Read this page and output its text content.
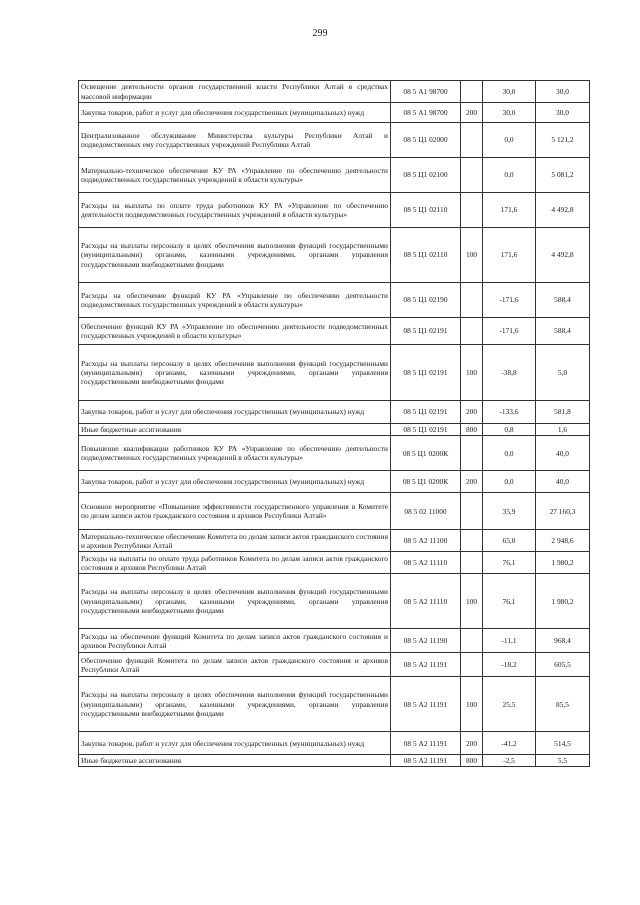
299
Освещение деятельности органов государственной власти Республики Алтай в средствах массовой информации	08 5 А1 98700		30,0	30,0
Закупка товаров, работ и услуг для обеспечения государственных (муниципальных) нужд	08 5 А1 98700	200	30,0	30,0
Централизованное обслуживание Министерства культуры Республики Алтай и подведомственных ему государственных учреждений Республики Алтай	08 5 Ц1 02000		0,0	5 121,2
Материально-техническое обеспечение КУ РА «Управление по обеспечению деятельности подведомственных государственных учреждений в области культуры»	08 5 Ц1 02100		0,0	5 081,2
Расходы на выплаты по оплате труда работников КУ РА «Управление по обеспечению деятельности подведомственных государственных учреждений в области культуры»	08 5 Ц1 02110		171,6	4 492,8
Расходы на выплаты персоналу в целях обеспечения выполнения функций государственными (муниципальными) органами, казенными учреждениями, органами управления государственными внебюджетными фондами	08 5 Ц1 02110	100	171,6	4 492,8
Расходы на обеспечение функций КУ РА «Управление по обеспечению деятельности подведомственных государственных учреждений в области культуры»	08 5 Ц1 02190		-171,6	588,4
Обеспечение функций КУ РА «Управление по обеспечению деятельности подведомственных государственных учреждений в области культуры»	08 5 Ц1 02191		-171,6	588,4
Расходы на выплаты персоналу в целях обеспечения выполнения функций государственными (муниципальными) органами, казенными учреждениями, органами управления государственными внебюджетными фондами	08 5 Ц1 02191	100	-38,8	5,0
Закупка товаров, работ и услуг для обеспечения государственных (муниципальных) нужд	08 5 Ц1 02191	200	-133,6	581,8
Иные бюджетные ассигнования	08 5 Ц1 02191	800	0,8	1,6
Повышение квалификации работников КУ РА «Управление по обеспечению деятельности подведомственных государственных учреждений в области культуры»	08 5 Ц1 0200К		0,0	40,0
Закупка товаров, работ и услуг для обеспечения государственных (муниципальных) нужд	08 5 Ц1 0200К	200	0,0	40,0
Основное мероприятие «Повышение эффективности государственного управления в Комитете по делам записи актов гражданского состояния и архивов Республики Алтай»	08 5 02 11000		35,9	27 160,3
Материально-техническое обеспечение Комитета по делам записи актов гражданского состояния и архивов Республики Алтай	08 5 А2 11100		65,0	2 948,6
Расходы на выплаты по оплате труда работников Комитета по делам записи актов гражданского состояния и архивов Республики Алтай	08 5 А2 11110		76,1	1 980,2
Расходы на выплаты персоналу в целях обеспечения выполнения функций государственными (муниципальными) органами, казенными учреждениями, органами управления государственными внебюджетными фондами	08 5 А2 11110	100	76,1	1 980,2
Расходы на обеспечение функций Комитета по делам записи актов гражданского состояния и архивов Республики Алтай	08 5 А2 11190		-11,1	968,4
Обеспечение функций Комитета по делам записи актов гражданского состояния и архивов Республики Алтай	08 5 А2 11191		-18,2	605,5
Расходы на выплаты персоналу в целях обеспечения выполнения функций государственными (муниципальными) органами, казенными учреждениями, органами управления государственными внебюджетными фондами	08 5 А2 11191	100	25,5	85,5
Закупка товаров, работ и услуг для обеспечения государственных (муниципальных) нужд	08 5 А2 11191	200	-41,2	514,5
Иные бюджетные ассигнования	08 5 А2 11191	800	-2,5	5,5
